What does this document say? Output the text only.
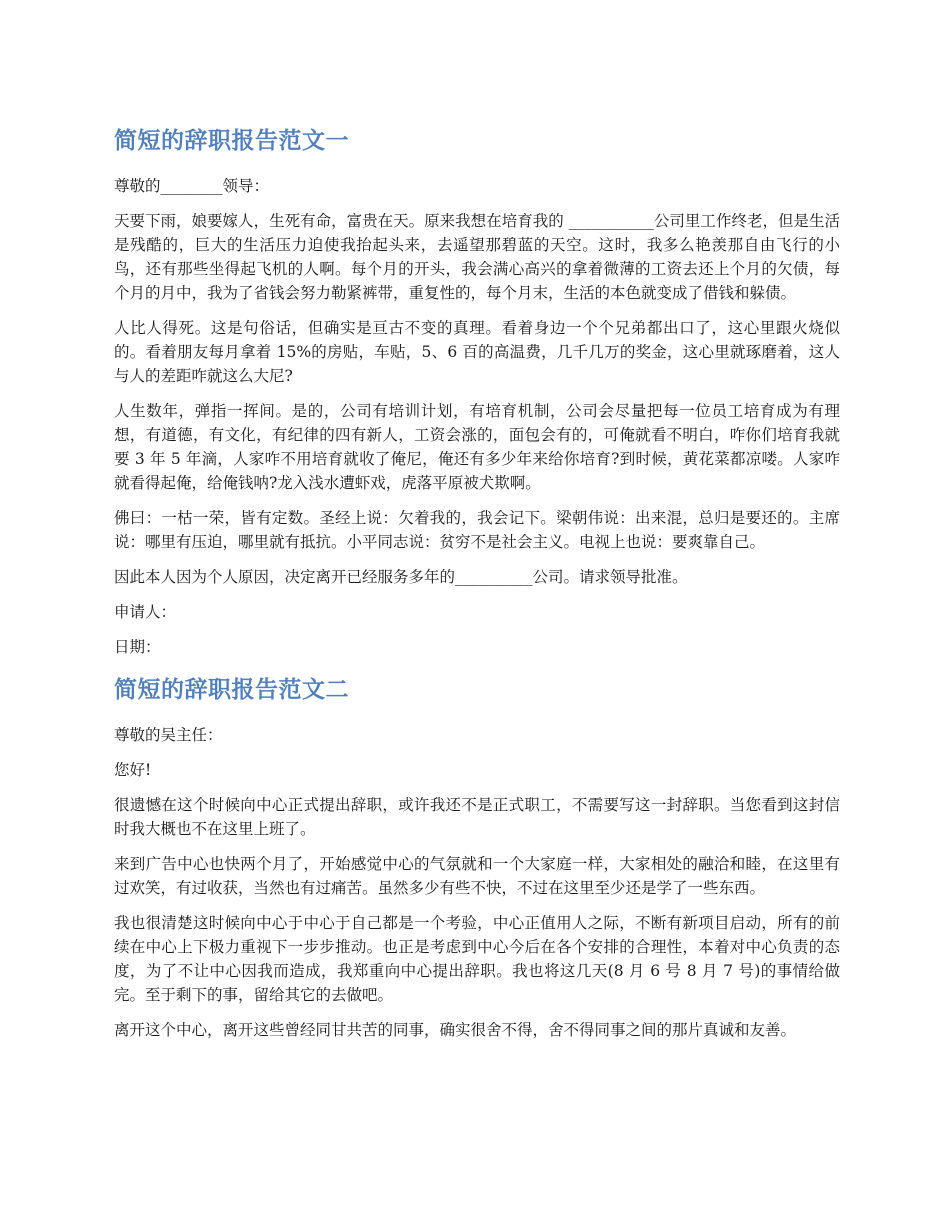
简短的辞职报告范文一

尊敬的________领导：

天要下雨，娘要嫁人，生死有命，富贵在天。原来我想在培育我的 ___________公司里工作终老，但是生活是残酷的，巨大的生活压力迫使我抬起头来，去遥望那碧蓝的天空。这时，我多么艳羡那自由飞行的小鸟，还有那些坐得起飞机的人啊。每个月的开头，我会满心高兴的拿着微薄的工资去还上个月的欠债，每个月的月中，我为了省钱会努力勒紧裤带，重复性的，每个月末，生活的本色就变成了借钱和躲债。

人比人得死。这是句俗话，但确实是亘古不变的真理。看着身边一个个兄弟都出口了，这心里跟火烧似的。看着朋友每月拿着 15%的房贴，车贴，5、6 百的高温费，几千几万的奖金，这心里就琢磨着，这人与人的差距咋就这么大尼?

人生数年，弹指一挥间。是的，公司有培训计划，有培育机制，公司会尽量把每一位员工培育成为有理想，有道德，有文化，有纪律的四有新人，工资会涨的，面包会有的，可俺就看不明白，咋你们培育我就要 3 年 5 年滴，人家咋不用培育就收了俺尼，俺还有多少年来给你培育?到时候，黄花菜都凉喽。人家咋就看得起俺，给俺钱呐?龙入浅水遭虾戏，虎落平原被犬欺啊。

佛曰：一枯一荣，皆有定数。圣经上说：欠着我的，我会记下。梁朝伟说：出来混，总归是要还的。主席说：哪里有压迫，哪里就有抵抗。小平同志说：贫穷不是社会主义。电视上也说：要爽靠自己。

因此本人因为个人原因，决定离开已经服务多年的__________公司。请求领导批准。

申请人：

日期：

简短的辞职报告范文二

尊敬的吴主任：

您好!

很遗憾在这个时候向中心正式提出辞职，或许我还不是正式职工，不需要写这一封辞职。当您看到这封信时我大概也不在这里上班了。

来到广告中心也快两个月了，开始感觉中心的气氛就和一个大家庭一样，大家相处的融洽和睦，在这里有过欢笑，有过收获，当然也有过痛苦。虽然多少有些不快，不过在这里至少还是学了一些东西。

我也很清楚这时候向中心于中心于自己都是一个考验，中心正值用人之际，不断有新项目启动，所有的前续在中心上下极力重视下一步步推动。也正是考虑到中心今后在各个安排的合理性，本着对中心负责的态度，为了不让中心因我而造成，我郑重向中心提出辞职。我也将这几天(8 月 6 号 8 月 7 号)的事情给做完。至于剩下的事，留给其它的去做吧。

离开这个中心，离开这些曾经同甘共苦的同事，确实很舍不得，舍不得同事之间的那片真诚和友善。
